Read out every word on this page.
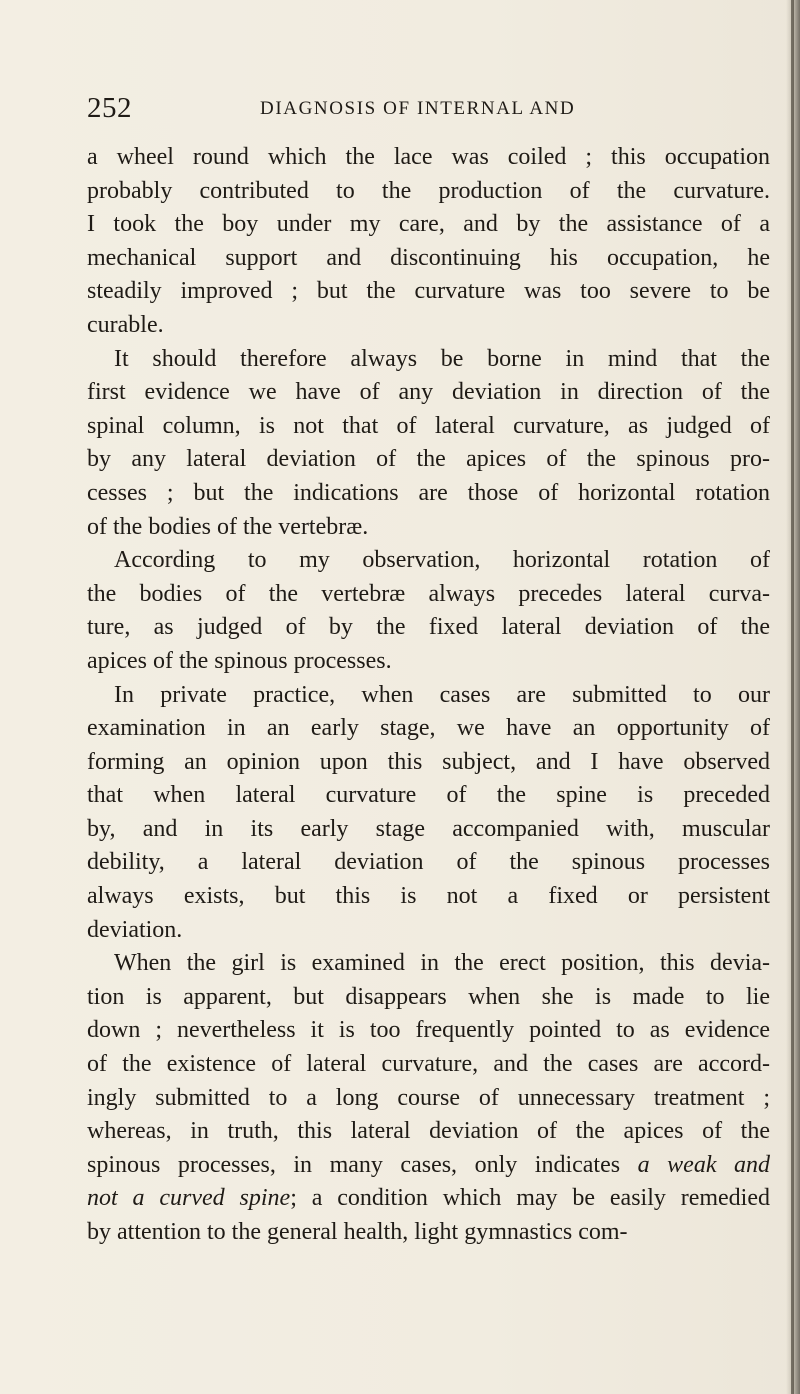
252	DIAGNOSIS OF INTERNAL AND
a wheel round which the lace was coiled ; this occupation
probably contributed to the production of the curvature.
I took the boy under my care, and by the assistance of a
mechanical support and discontinuing his occupation, he
steadily improved ; but the curvature was too severe to be
curable.
It should therefore always be borne in mind that the
first evidence we have of any deviation in direction of the
spinal column, is not that of lateral curvature, as judged of
by any lateral deviation of the apices of the spinous pro-
cesses ; but the indications are those of horizontal rotation
of the bodies of the vertebræ.
According to my observation, horizontal rotation of
the bodies of the vertebræ always precedes lateral curva-
ture, as judged of by the fixed lateral deviation of the
apices of the spinous processes.
In private practice, when cases are submitted to our
examination in an early stage, we have an opportunity of
forming an opinion upon this subject, and I have observed
that when lateral curvature of the spine is preceded
by, and in its early stage accompanied with, muscular
debility, a lateral deviation of the spinous processes
always exists, but this is not a fixed or persistent
deviation.
When the girl is examined in the erect position, this devia-
tion is apparent, but disappears when she is made to lie
down ; nevertheless it is too frequently pointed to as evidence
of the existence of lateral curvature, and the cases are accord-
ingly submitted to a long course of unnecessary treatment ;
whereas, in truth, this lateral deviation of the apices of the
spinous processes, in many cases, only indicates a weak and
not a curved spine; a condition which may be easily remedied
by attention to the general health, light gymnastics com-
